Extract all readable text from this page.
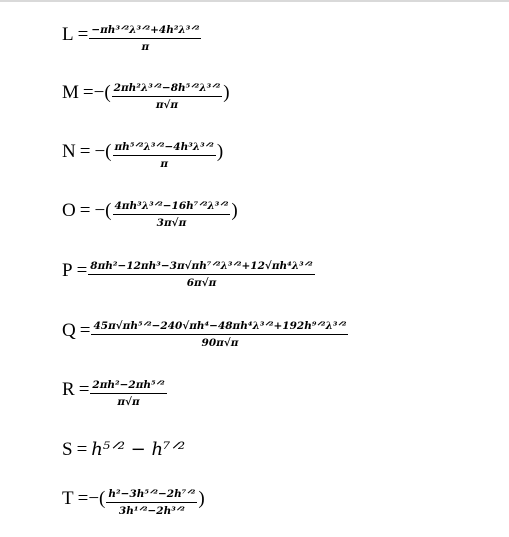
$L = \frac{\text{−πh³ᐟ²λ³ᐟ²+4h²λ³ᐟ²}}{\pi}$
M = − ( $\frac{\text{2πh²λ³ᐟ²−8h⁵ᐟ²λ³ᐟ²}}{\pi√\pi}$ )
N = − ( $\frac{\text{πh⁵ᐟ²λ³ᐟ²−4h³λ³ᐟ²}}{\pi}$ )
O = − ( $\frac{\text{4πh³λ³ᐟ²−16h⁷ᐟ²λ³ᐟ²}}{3\pi√\pi}$ )
$P = \frac{\text{8πh²−12πh³−3π√πh⁷ᐟ²λ³ᐟ²+12√πh⁴λ³ᐟ²}}{6\pi√\pi}$
$Q = \frac{\text{45π√πh⁵ᐟ²−240√πh⁴−48πh⁴λ³ᐟ²+192h⁹ᐟ²λ³ᐟ²}}{90\pi√\pi}$
$R = \frac{\text{2πh²−2πh⁵ᐟ²}}{\pi√\pi}$
S = h⁵ᐟ² − h⁷ᐟ²
T = − ( $\frac{\text{h²−3h⁵ᐟ²−2h⁷ᐟ²}}{\text{3h¹ᐟ²−2h³ᐟ²}}$ )
